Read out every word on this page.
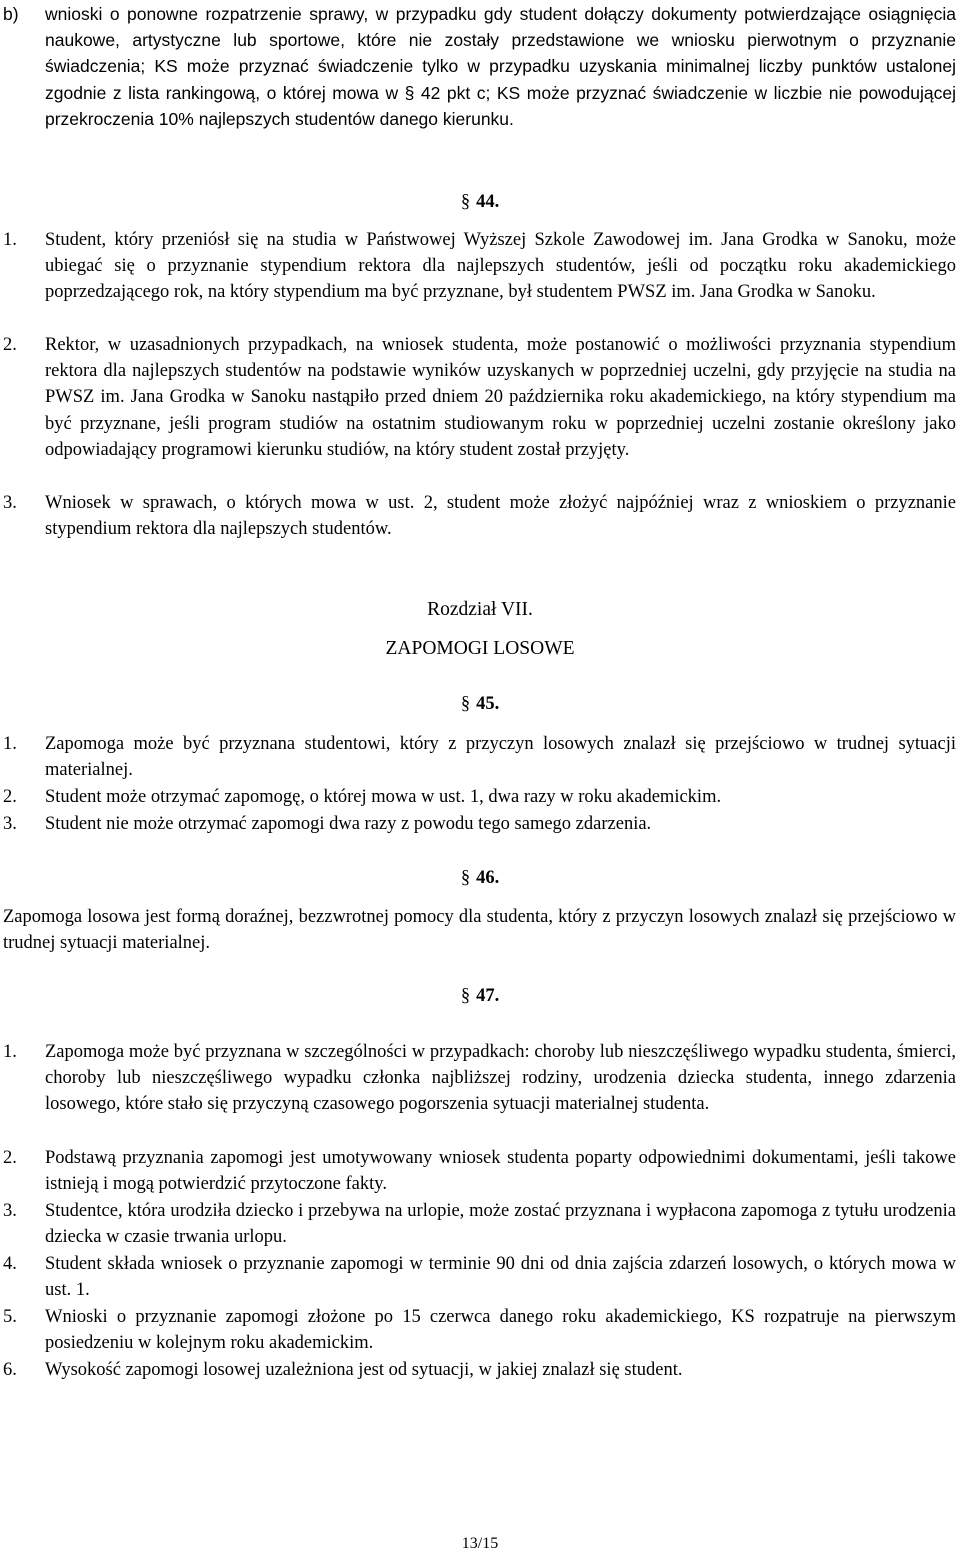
b) wnioski o ponowne rozpatrzenie sprawy, w przypadku gdy student dołączy dokumenty potwierdzające osiągnięcia naukowe, artystyczne lub sportowe, które nie zostały przedstawione we wniosku pierwotnym o przyznanie świadczenia; KS może przyznać świadczenie tylko w przypadku uzyskania minimalnej liczby punktów ustalonej zgodnie z lista rankingową, o której mowa w § 42 pkt c; KS może przyznać świadczenie w liczbie nie powodującej przekroczenia 10% najlepszych studentów danego kierunku.
§ 44.
1. Student, który przeniósł się na studia w Państwowej Wyższej Szkole Zawodowej im. Jana Grodka w Sanoku, może ubiegać się o przyznanie stypendium rektora dla najlepszych studentów, jeśli od początku roku akademickiego poprzedzającego rok, na który stypendium ma być przyznane, był studentem PWSZ im. Jana Grodka w Sanoku.
2. Rektor, w uzasadnionych przypadkach, na wniosek studenta, może postanowić o możliwości przyznania stypendium rektora dla najlepszych studentów na podstawie wyników uzyskanych w poprzedniej uczelni, gdy przyjęcie na studia na PWSZ im. Jana Grodka w Sanoku nastąpiło przed dniem 20 października roku akademickiego, na który stypendium ma być przyznane, jeśli program studiów na ostatnim studiowanym roku w poprzedniej uczelni zostanie określony jako odpowiadający programowi kierunku studiów, na który student został przyjęty.
3. Wniosek w sprawach, o których mowa w ust. 2, student może złożyć najpóźniej wraz z wnioskiem o przyznanie stypendium rektora dla najlepszych studentów.
Rozdział VII.
ZAPOMOGI LOSOWE
§ 45.
1. Zapomoga może być przyznana studentowi, który z przyczyn losowych znalazł się przejściowo w trudnej sytuacji materialnej.
2. Student może otrzymać zapomogę, o której mowa w ust. 1, dwa razy w roku akademickim.
3. Student nie może otrzymać zapomogi dwa razy z powodu tego samego zdarzenia.
§ 46.
Zapomoga losowa jest formą doraźnej, bezzwrotnej pomocy dla studenta, który z przyczyn losowych znalazł się przejściowo w trudnej sytuacji materialnej.
§ 47.
1. Zapomoga może być przyznana w szczególności w przypadkach: choroby lub nieszczęśliwego wypadku studenta, śmierci, choroby lub nieszczęśliwego wypadku członka najbliższej rodziny, urodzenia dziecka studenta, innego zdarzenia losowego, które stało się przyczyną czasowego pogorszenia sytuacji materialnej studenta.
2. Podstawą przyznania zapomogi jest umotywowany wniosek studenta poparty odpowiednimi dokumentami, jeśli takowe istnieją i mogą potwierdzić przytoczone fakty.
3. Studentce, która urodziła dziecko i przebywa na urlopie, może zostać przyznana i wypłacona zapomoga z tytułu urodzenia dziecka w czasie trwania urlopu.
4. Student składa wniosek o przyznanie zapomogi w terminie 90 dni od dnia zajścia zdarzeń losowych, o których mowa w ust. 1.
5. Wnioski o przyznanie zapomogi złożone po 15 czerwca danego roku akademickiego, KS rozpatruje na pierwszym posiedzeniu w kolejnym roku akademickim.
6. Wysokość zapomogi losowej uzależniona jest od sytuacji, w jakiej znalazł się student.
13/15
